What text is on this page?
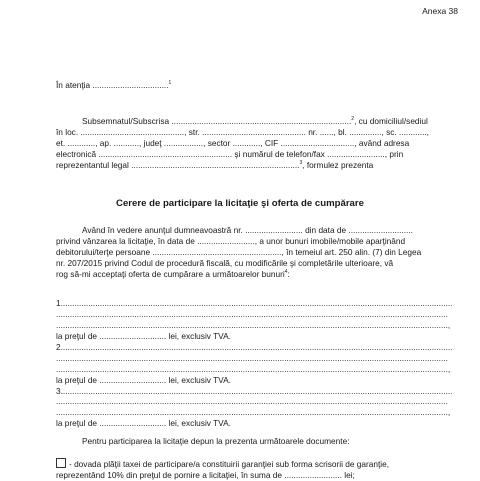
Anexa 38
În atenţia .................................$^1$
Subsemnatul/Subscrisa ..............................................................................$^2$, cu domiciliul/sediul
în loc. ............................................., str. ............................................. nr. ......, bl. .............., sc. ............,
et. ............, ap. ..........., judeţ ................., sector ............, CIF ................................, având adresa
electronică .......................................................... şi numărul de telefon/fax ........................., prin
reprezentantul legal .........................................................................$^3$, formulez prezenta
Cerere de participare la licitaţie şi oferta de cumpărare
Având în vedere anunţul dumneavoastră nr. ......................... din data de ............................
privind vânzarea la licitaţie, în data de ........................., a unor bunuri imobile/mobile aparţinând
debitorului/terţe persoane ........................................................, în temeiul art. 250 alin. (7) din Legea
nr. 207/2015 privind Codul de procedură fiscală, cu modificările şi completările ulterioare, vă
rog să-mi acceptaţi oferta de cumpărare a următoarelor bunuri$^4$:
1..........................................................................................................................................................................
..........................................................................................................................................................................
..........................................................................................................................................................................,
la preţul de ............................. lei, exclusiv TVA.
2..........................................................................................................................................................................
..........................................................................................................................................................................
..........................................................................................................................................................................,
la preţul de ............................. lei, exclusiv TVA.
3..........................................................................................................................................................................
..........................................................................................................................................................................
..........................................................................................................................................................................,
la preţul de ............................. lei, exclusiv TVA.
Pentru participarea la licitaţie depun la prezenta următoarele documente:
- dovada plăţii taxei de participare/a constituirii garanţiei sub forma scrisorii de garanţie,
reprezentând 10% din preţul de pornire a licitaţiei, în suma de ......................... lei;
